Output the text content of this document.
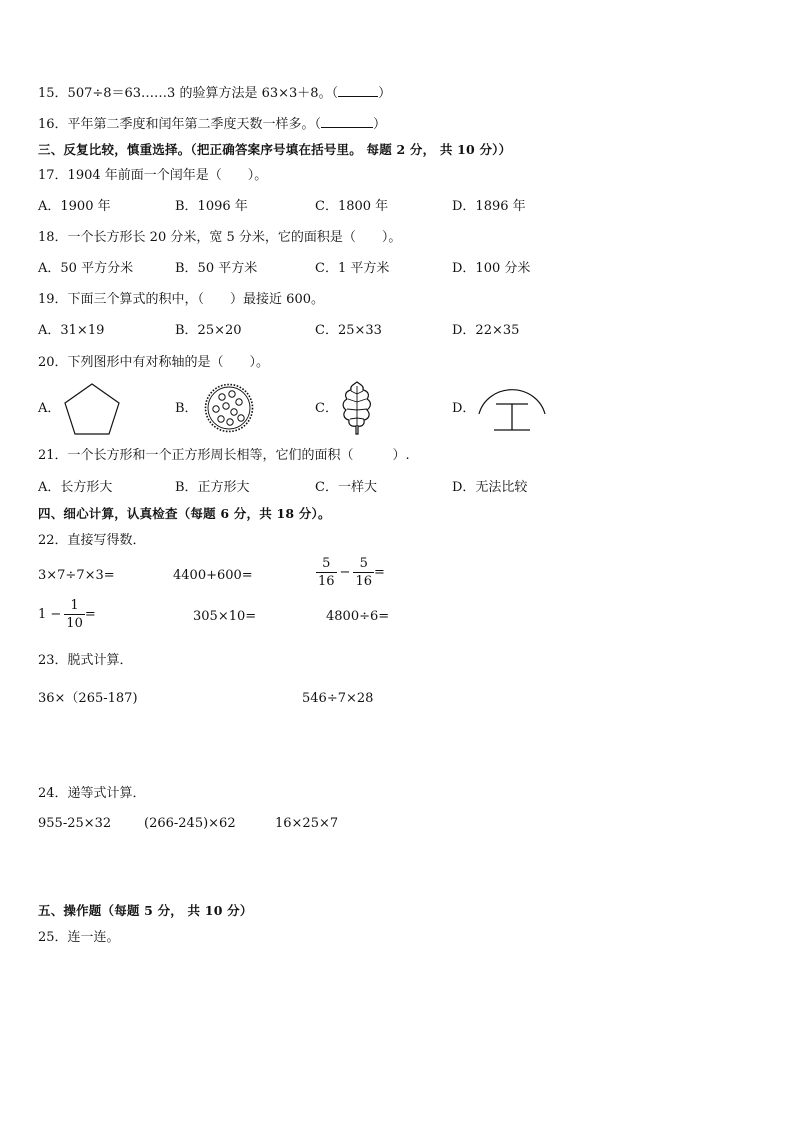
15．507÷8＝63……3 的验算方法是 63×3＋8。（	）
16．平年第二季度和闰年第二季度天数一样多。（	）
三、反复比较，慎重选择。（把正确答案序号填在括号里。 每题 2 分， 共 10 分））
17．1904 年前面一个闰年是（　　）。
A．1900 年	B．1096 年	C．1800 年	D．1896 年
18．一个长方形长 20 分米，宽 5 分米，它的面积是（　　）。
A．50 平方分米	B．50 平方米	C．1 平方米	D．100 分米
19．下面三个算式的积中，（　　）最接近 600。
A．31×19	B．25×20	C．25×33	D．22×35
20．下列图形中有对称轴的是（　　）。
A．	B．	C．	D．
21．一个长方形和一个正方形周长相等，它们的面积（　　　）.
A．长方形大	B．正方形大	C．一样大	D．无法比较
四、细心计算，认真检查（每题 6 分，共 18 分）。
22．直接写得数．
3×7÷7×3=	4400+600=	$\frac{5}{16} - \frac{5}{16}$ =
$1 - \frac{1}{10}$ =	305×10=	4800÷6=
23．脱式计算．
36×（265-187)	546÷7×28
24．递等式计算．
955-25×32	(266-245)×62	16×25×7
五、操作题（每题 5 分， 共 10 分）
25．连一连。
